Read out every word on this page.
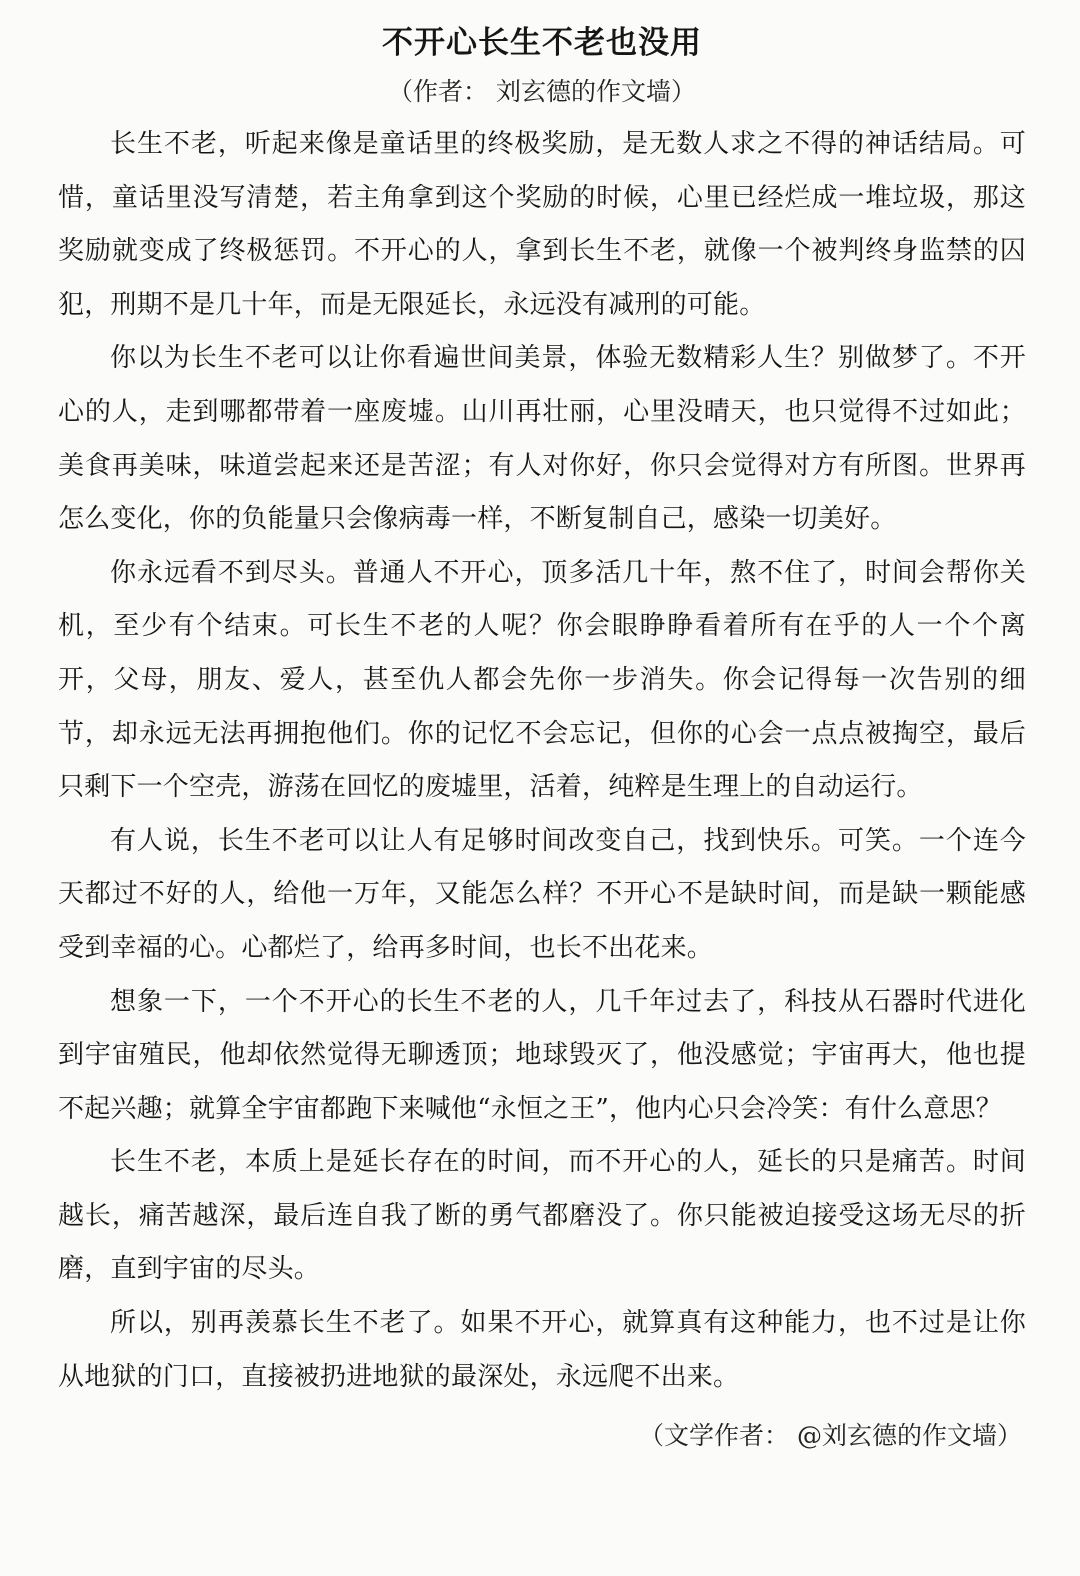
不开心长生不老也没用
（作者： 刘玄德的作文墙）

长生不老，听起来像是童话里的终极奖励，是无数人求之不得的神话结局。可惜，童话里没写清楚，若主角拿到这个奖励的时候，心里已经烂成一堆垃圾，那这奖励就变成了终极惩罚。不开心的人，拿到长生不老，就像一个被判终身监禁的囚犯，刑期不是几十年，而是无限延长，永远没有减刑的可能。

你以为长生不老可以让你看遍世间美景，体验无数精彩人生？别做梦了。不开心的人，走到哪都带着一座废墟。山川再壮丽，心里没晴天，也只觉得不过如此；美食再美味，味道尝起来还是苦涩；有人对你好，你只会觉得对方有所图。世界再怎么变化，你的负能量只会像病毒一样，不断复制自己，感染一切美好。

你永远看不到尽头。普通人不开心，顶多活几十年，熬不住了，时间会帮你关机，至少有个结束。可长生不老的人呢？你会眼睁睁看着所有在乎的人一个个离开，父母，朋友、爱人，甚至仇人都会先你一步消失。你会记得每一次告别的细节，却永远无法再拥抱他们。你的记忆不会忘记，但你的心会一点点被掏空，最后只剩下一个空壳，游荡在回忆的废墟里，活着，纯粹是生理上的自动运行。

有人说，长生不老可以让人有足够时间改变自己，找到快乐。可笑。一个连今天都过不好的人，给他一万年，又能怎么样？不开心不是缺时间，而是缺一颗能感受到幸福的心。心都烂了，给再多时间，也长不出花来。

想象一下，一个不开心的长生不老的人，几千年过去了，科技从石器时代进化到宇宙殖民，他却依然觉得无聊透顶；地球毁灭了，他没感觉；宇宙再大，他也提不起兴趣；就算全宇宙都跑下来喊他“永恒之王”，他内心只会冷笑：有什么意思？

长生不老，本质上是延长存在的时间，而不开心的人，延长的只是痛苦。时间越长，痛苦越深，最后连自我了断的勇气都磨没了。你只能被迫接受这场无尽的折磨，直到宇宙的尽头。

所以，别再羡慕长生不老了。如果不开心，就算真有这种能力，也不过是让你从地狱的门口，直接被扔进地狱的最深处，永远爬不出来。

（文学作者： @刘玄德的作文墙）
